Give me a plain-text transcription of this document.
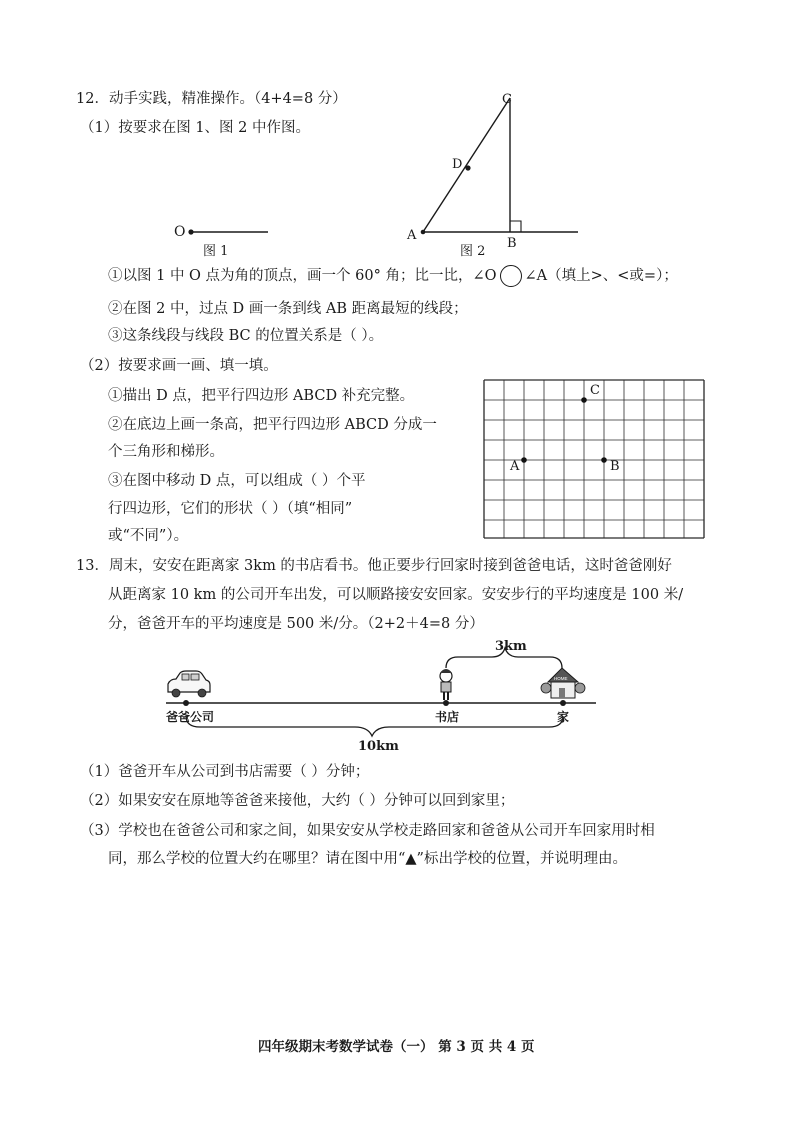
12．动手实践，精准操作。（4+4=8 分）
（1）按要求在图 1、图 2 中作图。
O
图 1
C
D
A
B
图 2
①以图 1 中 O 点为角的顶点，画一个 60° 角；比一比，∠O ∠A（填上>、<或=）；
②在图 2 中，过点 D 画一条到线 AB 距离最短的线段；
③这条线段与线段 BC 的位置关系是（ ）。
（2）按要求画一画、填一填。
①描出 D 点，把平行四边形 ABCD 补充完整。
②在底边上画一条高，把平行四边形 ABCD 分成一
个三角形和梯形。
③在图中移动 D 点，可以组成（ ）个平
行四边形，它们的形状（ ）（填“相同”
或“不同”）。
C
A	B
13．周末，安安在距离家 3km 的书店看书。他正要步行回家时接到爸爸电话，这时爸爸刚好
从距离家 10 km 的公司开车出发，可以顺路接安安回家。安安步行的平均速度是 100 米/
分，爸爸开车的平均速度是 500 米/分。（2+2＋4=8 分）
3km
HOME
爸爸公司	书店	家
10km
（1）爸爸开车从公司到书店需要（ ）分钟；
（2）如果安安在原地等爸爸来接他，大约（ ）分钟可以回到家里；
（3）学校也在爸爸公司和家之间，如果安安从学校走路回家和爸爸从公司开车回家用时相
同，那么学校的位置大约在哪里？请在图中用“▲”标出学校的位置，并说明理由。
四年级期末考数学试卷（一） 第 3 页 共 4 页
